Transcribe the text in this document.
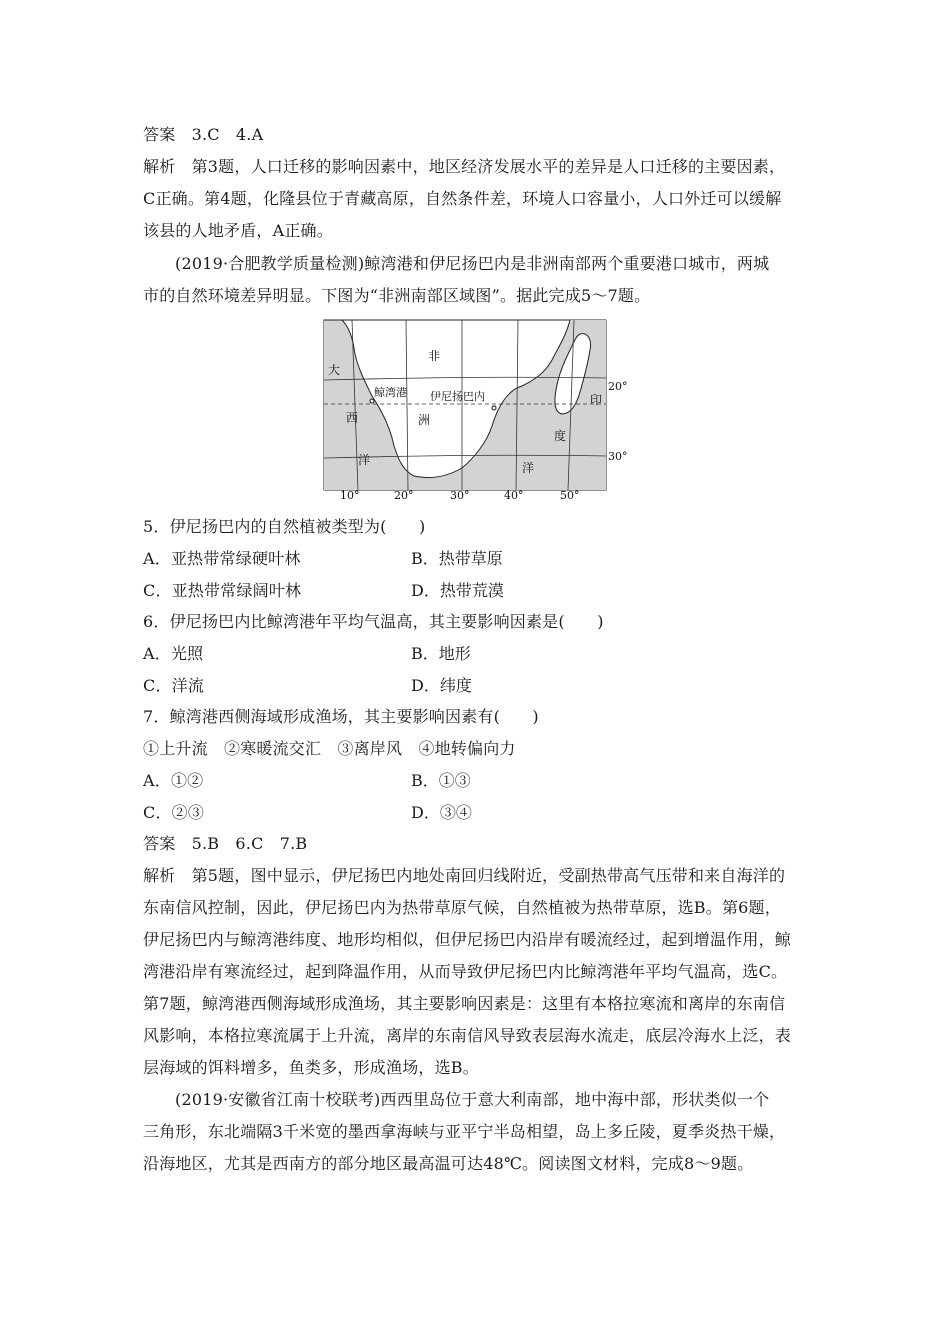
答案　3.C　4.A
解析　第3题，人口迁移的影响因素中，地区经济发展水平的差异是人口迁移的主要因素，
C正确。第4题，化隆县位于青藏高原，自然条件差，环境人口容量小，人口外迁可以缓解
该县的人地矛盾，A正确。
(2019·合肥教学质量检测)鲸湾港和伊尼扬巴内是非洲南部两个重要港口城市，两城
市的自然环境差异明显。下图为“非洲南部区域图”。据此完成5～7题。
非
大
西
洋
洲
印
度
洋
鲸湾港 伊尼扬巴内
20°
30°
10°	20°	30°	40°	50°
5．伊尼扬巴内的自然植被类型为(　　)
A．亚热带常绿硬叶林	B．热带草原
C．亚热带常绿阔叶林	D．热带荒漠
6．伊尼扬巴内比鲸湾港年平均气温高，其主要影响因素是(　　)
A．光照	B．地形
C．洋流	D．纬度
7．鲸湾港西侧海域形成渔场，其主要影响因素有(　　)
①上升流　②寒暖流交汇　③离岸风　④地转偏向力
A．①②	B．①③
C．②③	D．③④
答案　5.B　6.C　7.B
解析　第5题，图中显示，伊尼扬巴内地处南回归线附近，受副热带高气压带和来自海洋的
东南信风控制，因此，伊尼扬巴内为热带草原气候，自然植被为热带草原，选B。第6题，
伊尼扬巴内与鲸湾港纬度、地形均相似，但伊尼扬巴内沿岸有暖流经过，起到增温作用，鲸
湾港沿岸有寒流经过，起到降温作用，从而导致伊尼扬巴内比鲸湾港年平均气温高，选C。
第7题，鲸湾港西侧海域形成渔场，其主要影响因素是：这里有本格拉寒流和离岸的东南信
风影响，本格拉寒流属于上升流，离岸的东南信风导致表层海水流走，底层冷海水上泛，表
层海域的饵料增多，鱼类多，形成渔场，选B。
(2019·安徽省江南十校联考)西西里岛位于意大利南部，地中海中部，形状类似一个
三角形，东北端隔3千米宽的墨西拿海峡与亚平宁半岛相望，岛上多丘陵，夏季炎热干燥，
沿海地区，尤其是西南方的部分地区最高温可达48℃。阅读图文材料，完成8～9题。
